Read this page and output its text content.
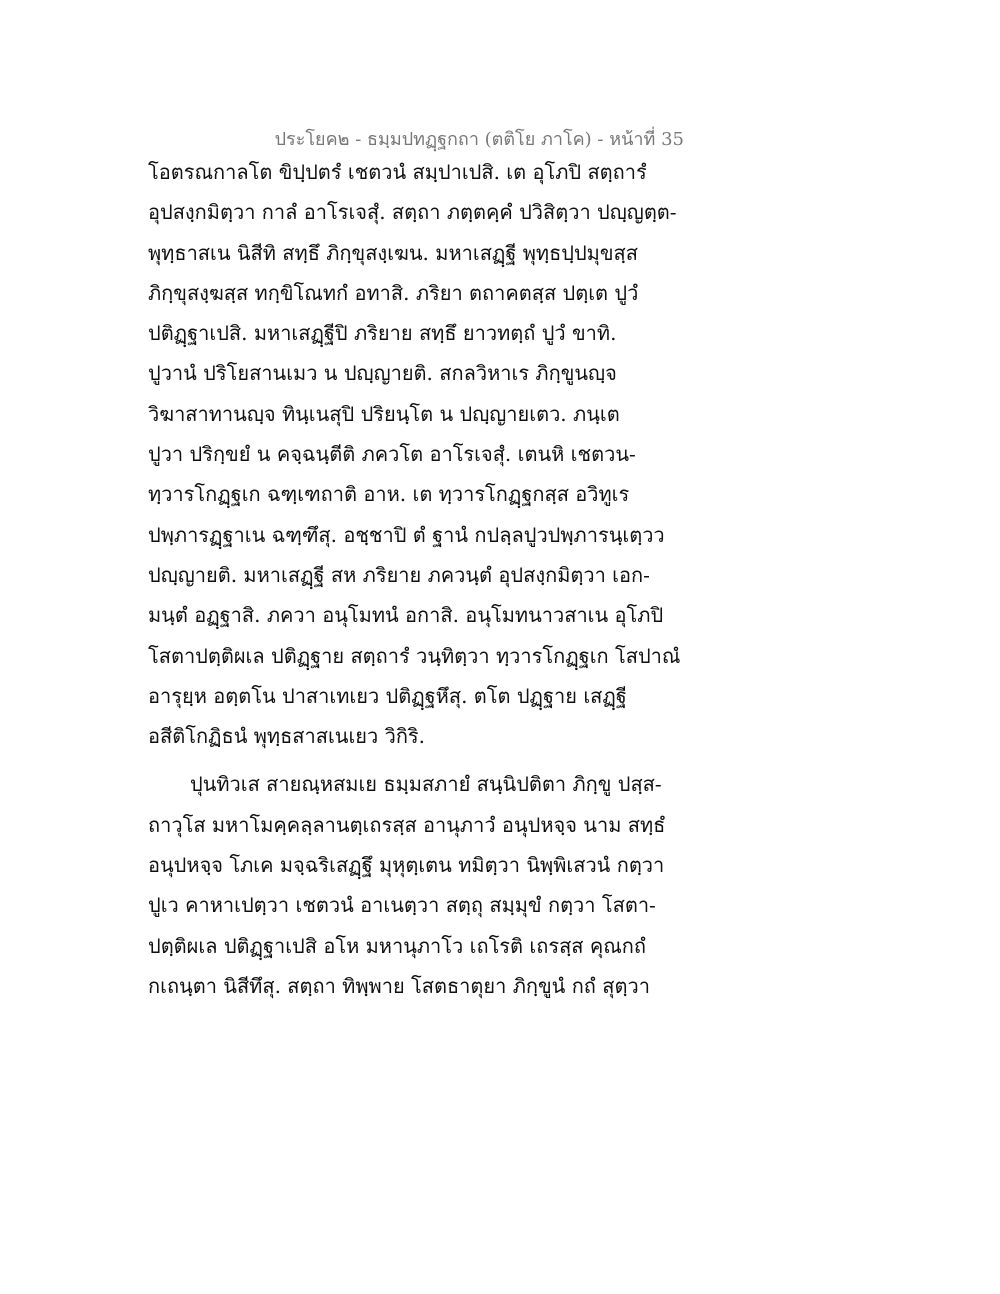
ประโยค๒ - ธมฺมปทฏฺฐกถา (ตติโย ภาโค) - หน้าที่ 35
โอตรณกาลโต ขิปฺปตรํ เชตวนํ สมฺปาเปสิ. เต อุโภปิ สตฺถารํ
อุปสงฺกมิตฺวา กาลํ อาโรเจสุํ. สตฺถา ภตฺตคฺคํ ปวิสิตฺวา ปญฺญตฺต-
พุทฺธาสเน นิสีทิ สทฺธึ ภิกฺขุสงฺเฆน. มหาเสฏฺฐี พุทฺธปฺปมุขสฺส
ภิกฺขุสงฺฆสฺส ทกฺขิโณทกํ อทาสิ. ภริยา ตถาคตสฺส ปตฺเต ปูวํ
ปติฏฺฐาเปสิ. มหาเสฏฺฐีปิ ภริยาย สทฺธึ ยาวทตฺถํ ปูวํ ขาทิ.
ปูวานํ ปริโยสานเมว น ปญฺญายติ. สกลวิหาเร ภิกฺขูนญฺจ
วิฆาสาทานญฺจ ทินฺเนสุปิ ปริยนฺโต น ปญฺญายเตว. ภนฺเต
ปูวา ปริกฺขยํ น คจฺฉนฺตีติ ภควโต อาโรเจสุํ. เตนหิ เชตวน-
ทฺวารโกฏฺฐเก ฉฑฺเฑถาติ อาห. เต ทฺวารโกฏฺฐกสฺส อวิทูเร
ปพฺภารฏฺฐาเน ฉฑฺฑึสุ. อชฺชาปิ ตํ ฐานํ กปลฺลปูวปพฺภารนฺเตฺวว
ปญฺญายติ. มหาเสฏฺฐี สห ภริยาย ภควนฺตํ อุปสงฺกมิตฺวา เอก-
มนฺตํ อฏฺฐาสิ. ภควา อนุโมทนํ อกาสิ. อนุโมทนาวสาเน อุโภปิ
โสตาปตฺติผเล ปติฏฺฐาย สตฺถารํ วนฺทิตฺวา ทฺวารโกฏฺฐเก โสปาณํ
อารุยฺห อตฺตโน ปาสาเทเยว ปติฏฺฐหึสุ. ตโต ปฏฺฐาย เสฏฺฐี
อสีติโกฏิธนํ พุทฺธสาสเนเยว วิกิริ.
ปุนทิวเส สายณฺหสมเย ธมฺมสภายํ สนฺนิปติตา ภิกฺขู ปสฺส-
ถาวุโส มหาโมคฺคลฺลานตฺเถรสฺส อานุภาวํ อนุปหจฺจ นาม สทฺธํ
อนุปหจฺจ โภเค มจฺฉริเสฏฺฐึ มุหุตฺเตน ทมิตฺวา นิพฺพิเสวนํ กตฺวา
ปูเว คาหาเปตฺวา เชตวนํ อาเนตฺวา สตฺถุ สมฺมุขํ กตฺวา โสตา-
ปตฺติผเล ปติฏฺฐาเปสิ อโห มหานุภาโว เถโรติ เถรสฺส คุณกถํ
กเถนฺตา นิสีทึสุ. สตฺถา ทิพฺพาย โสตธาตุยา ภิกฺขูนํ กถํ สุตฺวา
